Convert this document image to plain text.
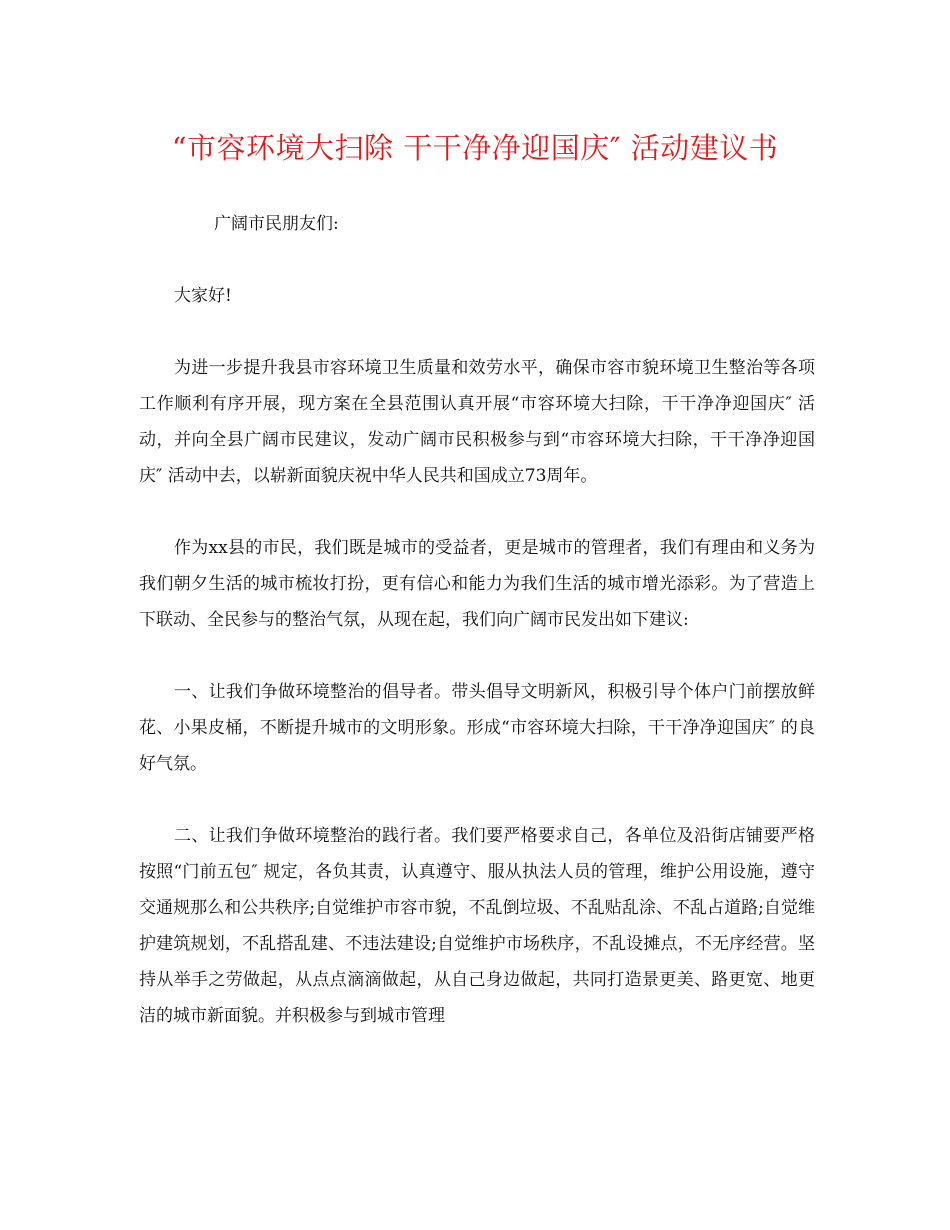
“市容环境大扫除 干干净净迎国庆″ 活动建议书

广阔市民朋友们:

大家好!

为进一步提升我县市容环境卫生质量和效劳水平，确保市容市貌环境卫生整治等各项工作顺利有序开展，现方案在全县范围认真开展“市容环境大扫除，干干净净迎国庆″ 活动，并向全县广阔市民建议，发动广阔市民积极参与到“市容环境大扫除，干干净净迎国庆″ 活动中去，以崭新面貌庆祝中华人民共和国成立73周年。

作为xx县的市民，我们既是城市的受益者，更是城市的管理者，我们有理由和义务为我们朝夕生活的城市梳妆打扮，更有信心和能力为我们生活的城市增光添彩。为了营造上下联动、全民参与的整治气氛，从现在起，我们向广阔市民发出如下建议:

一、让我们争做环境整治的倡导者。带头倡导文明新风，积极引导个体户门前摆放鲜花、小果皮桶，不断提升城市的文明形象。形成“市容环境大扫除，干干净净迎国庆″ 的良好气氛。

二、让我们争做环境整治的践行者。我们要严格要求自己，各单位及沿街店铺要严格按照“门前五包″ 规定，各负其责，认真遵守、服从执法人员的管理，维护公用设施，遵守交通规那么和公共秩序;自觉维护市容市貌，不乱倒垃圾、不乱贴乱涂、不乱占道路;自觉维护建筑规划，不乱搭乱建、不违法建设;自觉维护市场秩序，不乱设摊点，不无序经营。坚持从举手之劳做起，从点点滴滴做起，从自己身边做起，共同打造景更美、路更宽、地更洁的城市新面貌。并积极参与到城市管理
